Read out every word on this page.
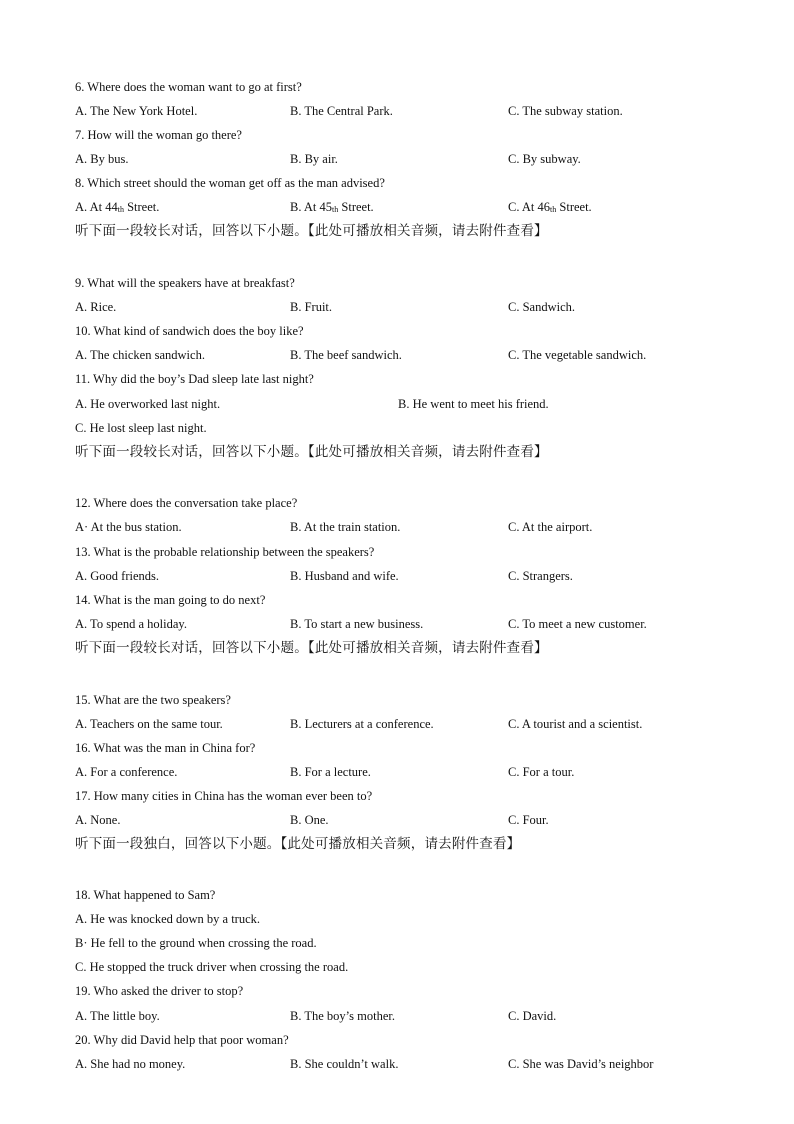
6. Where does the woman want to go at first?
A. The New York Hotel.	B. The Central Park.	C. The subway station.
7. How will the woman go there?
A. By bus.	B. By air.	C. By subway.
8. Which street should the woman get off as the man advised?
A. At $44_{th}$ Street.	B. At $45_{th}$ Street.	C. At $46_{th}$ Street.
听下面一段较长对话，回答以下小题。【此处可播放相关音频，请去附件查看】
9. What will the speakers have at breakfast?
A. Rice.	B. Fruit.	C. Sandwich.
10. What kind of sandwich does the boy like?
A. The chicken sandwich.	B. The beef sandwich.	C. The vegetable sandwich.
11. Why did the boy’s Dad sleep late last night?
A. He overworked last night.	B. He went to meet his friend.
C. He lost sleep last night.
听下面一段较长对话，回答以下小题。【此处可播放相关音频，请去附件查看】
12. Where does the conversation take place?
A· At the bus station.	B. At the train station.	C. At the airport.
13. What is the probable relationship between the speakers?
A. Good friends.	B. Husband and wife.	C. Strangers.
14. What is the man going to do next?
A. To spend a holiday.	B. To start a new business.	C. To meet a new customer.
听下面一段较长对话，回答以下小题。【此处可播放相关音频，请去附件查看】
15. What are the two speakers?
A. Teachers on the same tour.	B. Lecturers at a conference.	C. A tourist and a scientist.
16. What was the man in China for?
A. For a conference.	B. For a lecture.	C. For a tour.
17. How many cities in China has the woman ever been to?
A. None.	B. One.	C. Four.
听下面一段独白，回答以下小题。【此处可播放相关音频，请去附件查看】
18. What happened to Sam?
A. He was knocked down by a truck.
B· He fell to the ground when crossing the road.
C. He stopped the truck driver when crossing the road.
19. Who asked the driver to stop?
A. The little boy.	B. The boy’s mother.	C. David.
20. Why did David help that poor woman?
A. She had no money.	B. She couldn’t walk.	C. She was David’s neighbor
